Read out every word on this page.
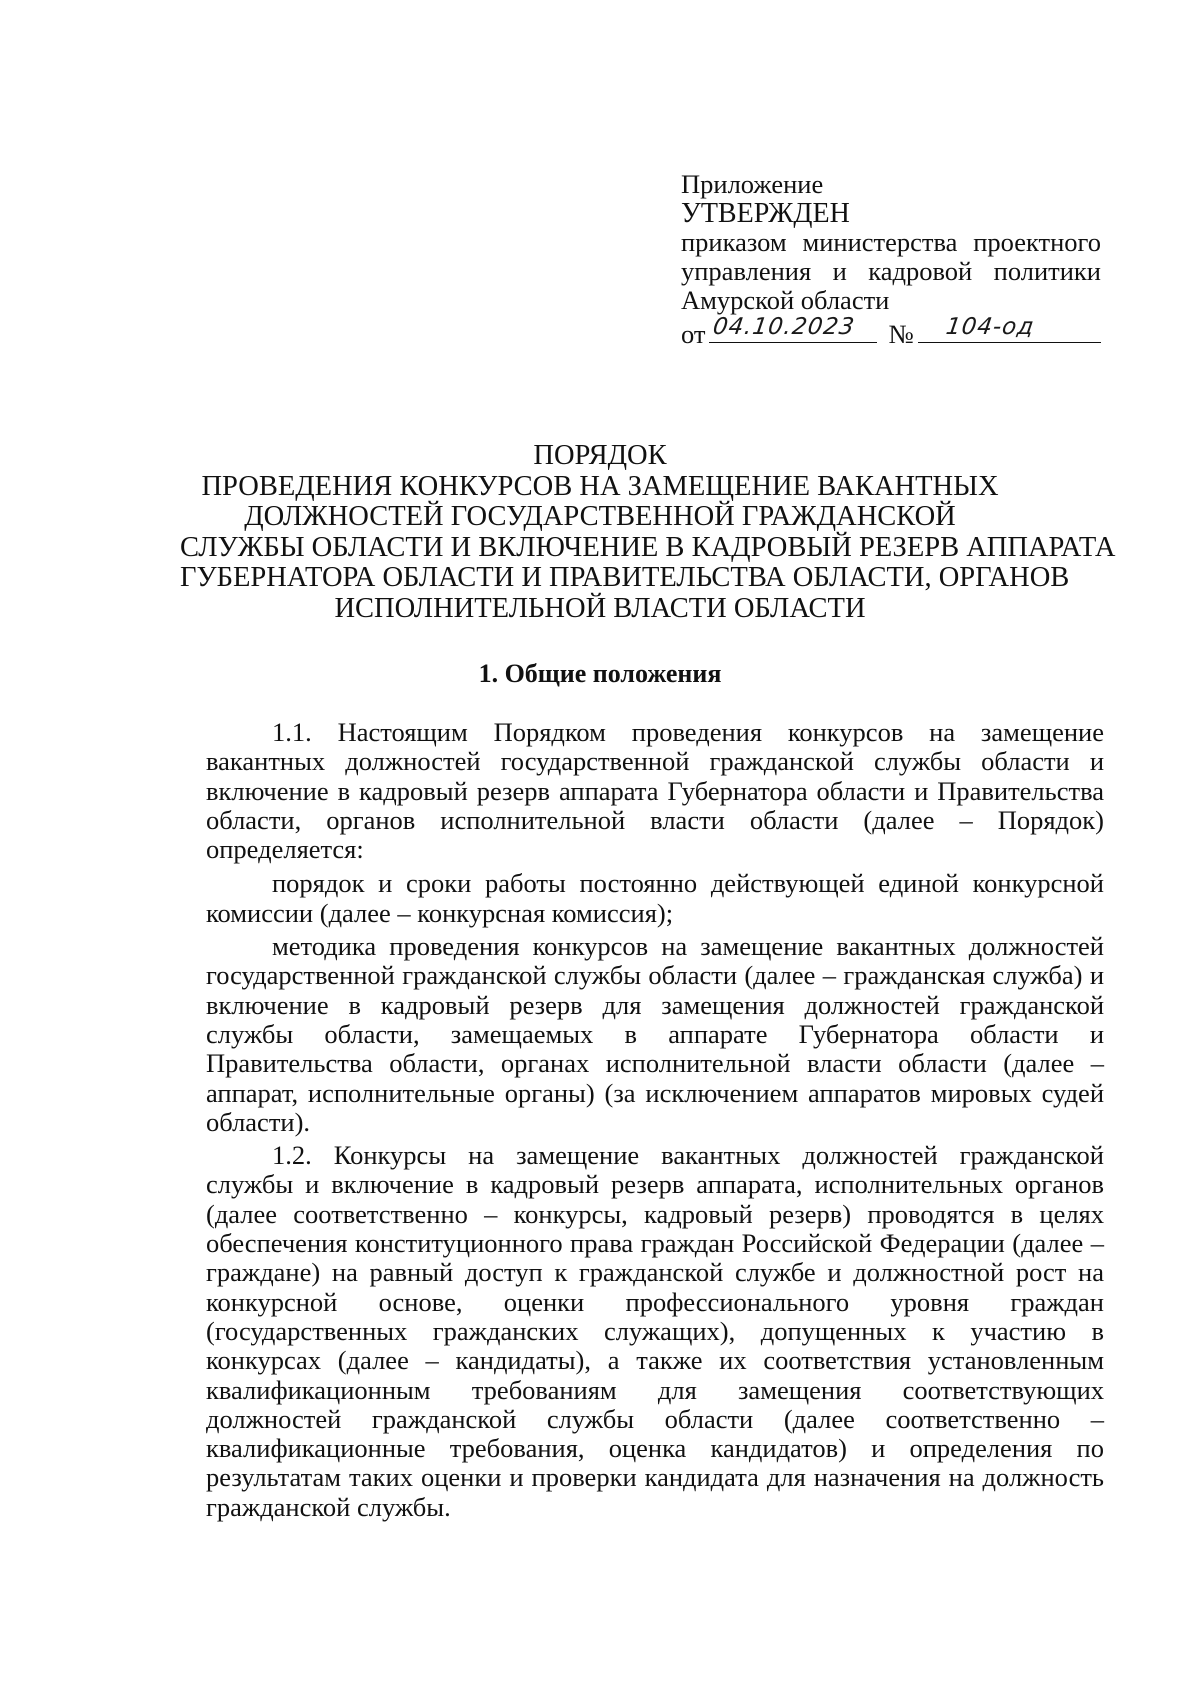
Приложение
УТВЕРЖДЕН
приказом министерства проектного
управления и кадровой политики
Амурской области
от 04.10.2023 № 104-од
ПОРЯДОК
ПРОВЕДЕНИЯ КОНКУРСОВ НА ЗАМЕЩЕНИЕ ВАКАНТНЫХ
ДОЛЖНОСТЕЙ ГОСУДАРСТВЕННОЙ ГРАЖДАНСКОЙ
СЛУЖБЫ ОБЛАСТИ И ВКЛЮЧЕНИЕ В КАДРОВЫЙ РЕЗЕРВ АППАРАТА
ГУБЕРНАТОРА ОБЛАСТИ И ПРАВИТЕЛЬСТВА ОБЛАСТИ, ОРГАНОВ
ИСПОЛНИТЕЛЬНОЙ ВЛАСТИ ОБЛАСТИ
1. Общие положения

1.1. Настоящим Порядком проведения конкурсов на замещение вакантных должностей государственной гражданской службы области и включение в кадровый резерв аппарата Губернатора области и Правительства области, органов исполнительной власти области (далее – Порядок) определяется:

порядок и сроки работы постоянно действующей единой конкурсной комиссии (далее – конкурсная комиссия);

методика проведения конкурсов на замещение вакантных должностей государственной гражданской службы области (далее – гражданская служба) и включение в кадровый резерв для замещения должностей гражданской службы области, замещаемых в аппарате Губернатора области и Правительства области, органах исполнительной власти области (далее – аппарат, исполнительные органы) (за исключением аппаратов мировых судей области).

1.2. Конкурсы на замещение вакантных должностей гражданской службы и включение в кадровый резерв аппарата, исполнительных органов (далее соответственно – конкурсы, кадровый резерв) проводятся в целях обеспечения конституционного права граждан Российской Федерации (далее – граждане) на равный доступ к гражданской службе и должностной рост на конкурсной основе, оценки профессионального уровня граждан (государственных гражданских служащих), допущенных к участию в конкурсах (далее – кандидаты), а также их соответствия установленным квалификационным требованиям для замещения соответствующих должностей гражданской службы области (далее соответственно – квалификационные требования, оценка кандидатов) и определения по результатам таких оценки и проверки кандидата для назначения на должность гражданской службы.
